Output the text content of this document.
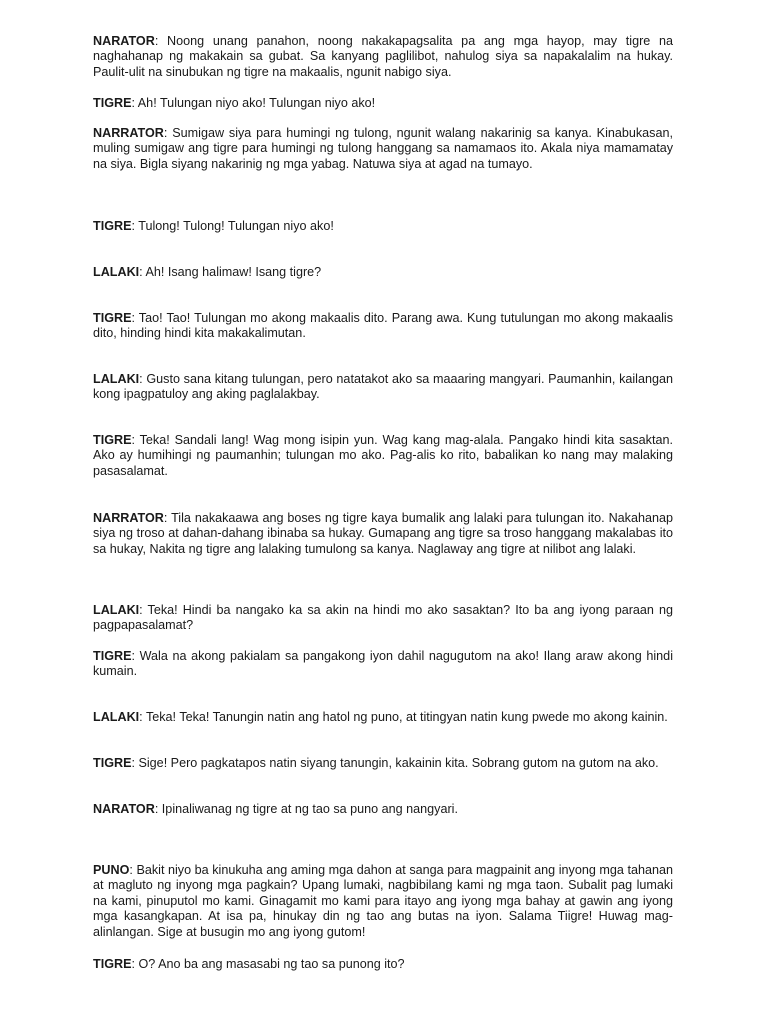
NARATOR: Noong unang panahon, noong nakakapagsalita pa ang mga hayop, may tigre na naghahanap ng makakain sa gubat. Sa kanyang paglilibot, nahulog siya sa napakalalim na hukay. Paulit-ulit na sinubukan ng tigre na makaalis, ngunit nabigo siya.

TIGRE: Ah! Tulungan niyo ako! Tulungan niyo ako!

NARRATOR: Sumigaw siya para humingi ng tulong, ngunit walang nakarinig sa kanya. Kinabukasan, muling sumigaw ang tigre para humingi ng tulong hanggang sa namamaos ito. Akala niya mamamatay na siya. Bigla siyang nakarinig ng mga yabag. Natuwa siya at agad na tumayo.

TIGRE: Tulong! Tulong! Tulungan niyo ako!

LALAKI: Ah! Isang halimaw! Isang tigre?

TIGRE: Tao! Tao! Tulungan mo akong makaalis dito. Parang awa. Kung tutulungan mo akong makaalis dito, hinding hindi kita makakalimutan.

LALAKI: Gusto sana kitang tulungan, pero natatakot ako sa maaaring mangyari. Paumanhin, kailangan kong ipagpatuloy ang aking paglalakbay.

TIGRE: Teka! Sandali lang! Wag mong isipin yun. Wag kang mag-alala. Pangako hindi kita sasaktan. Ako ay humihingi ng paumanhin; tulungan mo ako. Pag-alis ko rito, babalikan ko nang may malaking pasasalamat.

NARRATOR: Tila nakakaawa ang boses ng tigre kaya bumalik ang lalaki para tulungan ito. Nakahanap siya ng troso at dahan-dahang ibinaba sa hukay. Gumapang ang tigre sa troso hanggang makalabas ito sa hukay, Nakita ng tigre ang lalaking tumulong sa kanya. Naglaway ang tigre at nilibot ang lalaki.

LALAKI: Teka! Hindi ba nangako ka sa akin na hindi mo ako sasaktan? Ito ba ang iyong paraan ng pagpapasalamat?

TIGRE: Wala na akong pakialam sa pangakong iyon dahil nagugutom na ako! Ilang araw akong hindi kumain.

LALAKI: Teka! Teka! Tanungin natin ang hatol ng puno, at titingyan natin kung pwede mo akong kainin.

TIGRE: Sige! Pero pagkatapos natin siyang tanungin, kakainin kita. Sobrang gutom na gutom na ako.

NARATOR: Ipinaliwanag ng tigre at ng tao sa puno ang nangyari.

PUNO: Bakit niyo ba kinukuha ang aming mga dahon at sanga para magpainit ang inyong mga tahanan at magluto ng inyong mga pagkain? Upang lumaki, nagbibilang kami ng mga taon. Subalit pag lumaki na kami, pinuputol mo kami. Ginagamit mo kami para itayo ang iyong mga bahay at gawin ang iyong mga kasangkapan. At isa pa, hinukay din ng tao ang butas na iyon. Salama Tiigre! Huwag mag-alinlangan. Sige at busugin mo ang iyong gutom!

TIGRE: O? Ano ba ang masasabi ng tao sa punong ito?
